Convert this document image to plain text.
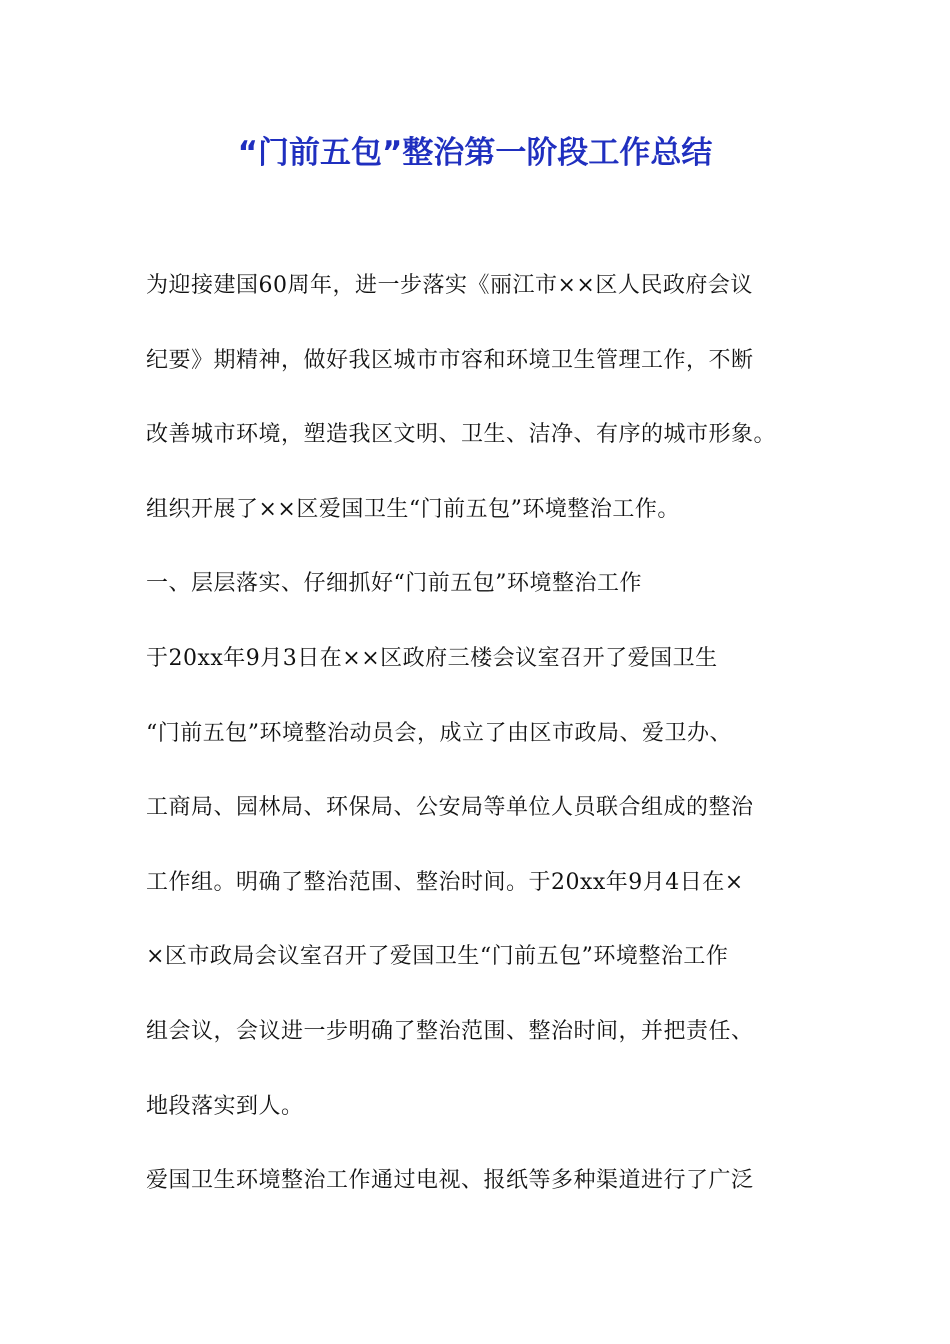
“门前五包”整治第一阶段工作总结
为迎接建国60周年，进一步落实《丽江市××区人民政府会议
纪要》期精神，做好我区城市市容和环境卫生管理工作，不断
改善城市环境，塑造我区文明、卫生、洁净、有序的城市形象。
组织开展了××区爱国卫生“门前五包”环境整治工作。
一、层层落实、仔细抓好“门前五包”环境整治工作
于20xx年9月3日在××区政府三楼会议室召开了爱国卫生
“门前五包”环境整治动员会，成立了由区市政局、爱卫办、
工商局、园林局、环保局、公安局等单位人员联合组成的整治
工作组。明确了整治范围、整治时间。于20xx年9月4日在×
×区市政局会议室召开了爱国卫生“门前五包”环境整治工作
组会议，会议进一步明确了整治范围、整治时间，并把责任、
地段落实到人。
爱国卫生环境整治工作通过电视、报纸等多种渠道进行了广泛
